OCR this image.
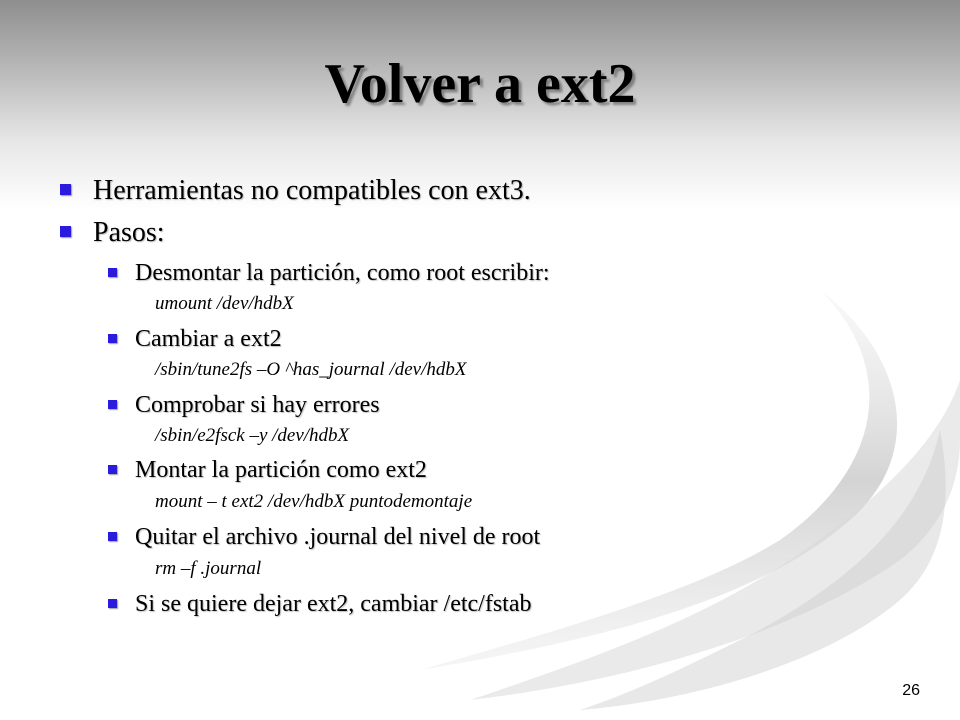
Volver a ext2
Herramientas no compatibles con ext3.
Pasos:
Desmontar la partición, como root escribir:
umount /dev/hdbX
Cambiar a ext2
/sbin/tune2fs –O ^has_journal /dev/hdbX
Comprobar si hay errores
/sbin/e2fsck –y /dev/hdbX
Montar la partición como ext2
mount – t ext2 /dev/hdbX puntodemontaje
Quitar el archivo .journal del nivel de root
rm –f .journal
Si se quiere dejar ext2, cambiar /etc/fstab
26
